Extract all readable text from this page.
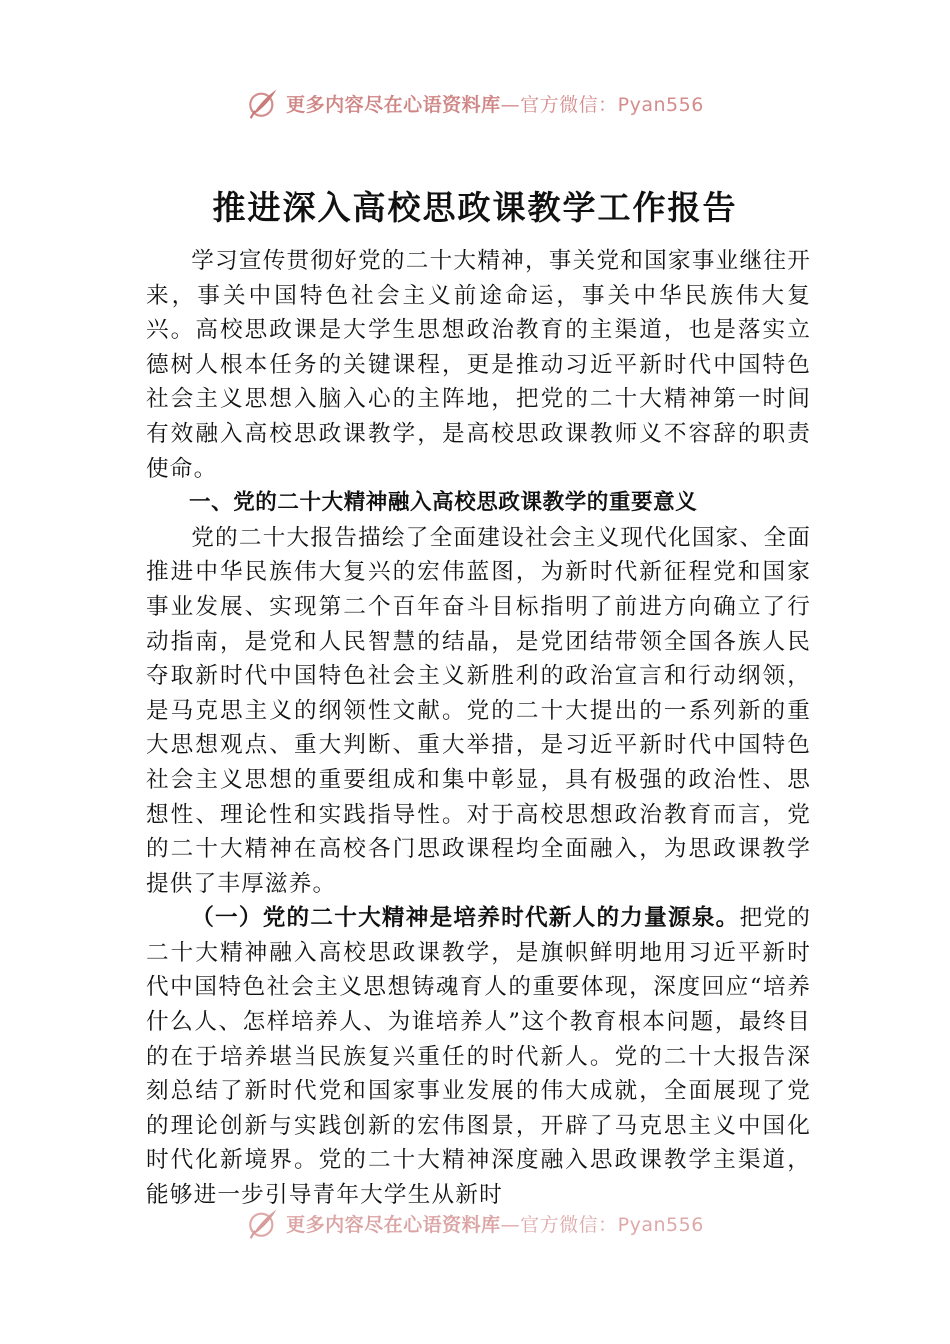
更多内容尽在心语资料库—官方微信：Pyan556
推进深入高校思政课教学工作报告

学习宣传贯彻好党的二十大精神，事关党和国家事业继往开来，事关中国特色社会主义前途命运，事关中华民族伟大复兴。高校思政课是大学生思想政治教育的主渠道，也是落实立德树人根本任务的关键课程，更是推动习近平新时代中国特色社会主义思想入脑入心的主阵地，把党的二十大精神第一时间有效融入高校思政课教学，是高校思政课教师义不容辞的职责使命。

一、党的二十大精神融入高校思政课教学的重要意义

党的二十大报告描绘了全面建设社会主义现代化国家、全面推进中华民族伟大复兴的宏伟蓝图，为新时代新征程党和国家事业发展、实现第二个百年奋斗目标指明了前进方向确立了行动指南，是党和人民智慧的结晶，是党团结带领全国各族人民夺取新时代中国特色社会主义新胜利的政治宣言和行动纲领，是马克思主义的纲领性文献。党的二十大提出的一系列新的重大思想观点、重大判断、重大举措，是习近平新时代中国特色社会主义思想的重要组成和集中彰显，具有极强的政治性、思想性、理论性和实践指导性。对于高校思想政治教育而言，党的二十大精神在高校各门思政课程均全面融入，为思政课教学提供了丰厚滋养。

（一）党的二十大精神是培养时代新人的力量源泉。把党的二十大精神融入高校思政课教学，是旗帜鲜明地用习近平新时代中国特色社会主义思想铸魂育人的重要体现，深度回应“培养什么人、怎样培养人、为谁培养人”这个教育根本问题，最终目的在于培养堪当民族复兴重任的时代新人。党的二十大报告深刻总结了新时代党和国家事业发展的伟大成就，全面展现了党的理论创新与实践创新的宏伟图景，开辟了马克思主义中国化时代化新境界。党的二十大精神深度融入思政课教学主渠道，能够进一步引导青年大学生从新时

更多内容尽在心语资料库—官方微信：Pyan556
